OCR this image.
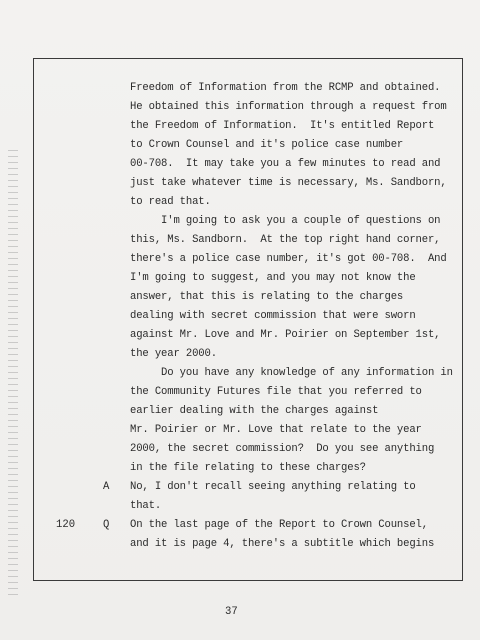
Freedom of Information from the RCMP and obtained.
He obtained this information through a request from
the Freedom of Information.  It's entitled Report
to Crown Counsel and it's police case number
00-708.  It may take you a few minutes to read and
just take whatever time is necessary, Ms. Sandborn,
to read that.
I'm going to ask you a couple of questions on
this, Ms. Sandborn.  At the top right hand corner,
there's a police case number, it's got 00-708.  And
I'm going to suggest, and you may not know the
answer, that this is relating to the charges
dealing with secret commission that were sworn
against Mr. Love and Mr. Poirier on September 1st,
the year 2000.
Do you have any knowledge of any information in
the Community Futures file that you referred to
earlier dealing with the charges against
Mr. Poirier or Mr. Love that relate to the year
2000, the secret commission?  Do you see anything
in the file relating to these charges?
No, I don't recall seeing anything relating to
that.
On the last page of the Report to Crown Counsel,
and it is page 4, there's a subtitle which begins
A
120	Q
37
